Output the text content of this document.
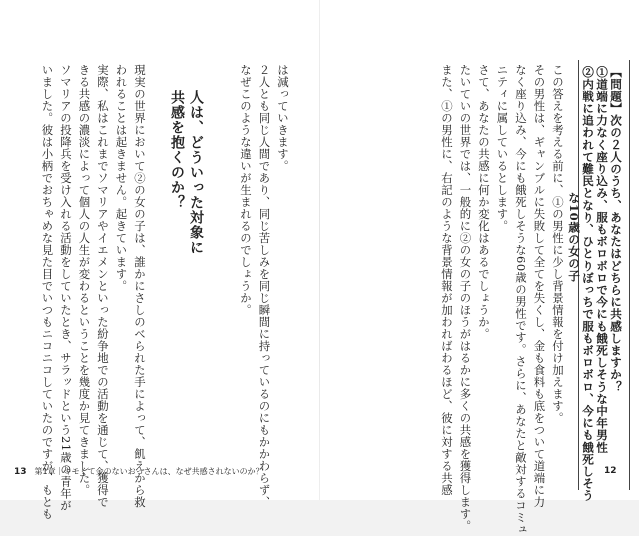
【問題】次の２人のうち、あなたはどちらに共感しますか？

①道端に力なく座り込み、服もボロボロで今にも餓死しそうな中年男性

②内戦に追われて難民となり、ひとりぼっちで服もボロボロ、今にも餓死しそう

な10歳の女の子

この答えを考える前に、①の男性に少し背景情報を付け加えます。

その男性は、ギャンブルに失敗して全てを失くし、金も食料も底をついて道端に力

なく座り込み、今にも餓死しそうな60歳の男性です。さらに、あなたと敵対するコミュ

ニティに属しているとします。

さて、あなたの共感に何か変化はあるでしょうか。

たいていの世界では、一般的に②の女の子のほうがはるかに多くの共感を獲得します。

また、①の男性に、右記のような背景情報が加わればわるほど、彼に対する共感

は減っていきます。

２人とも同じ人間であり、同じ苦しみを同じ瞬間に持っているのにもかかわらず、

なぜこのような違いが生まれるのでしょうか。

人は、どういった対象に

共感を抱くのか？

現実の世界において②の女の子は、誰かにさしのべられた手によって、飢えから救

われることは起きません。起きています。

実際、私はこれまでソマリアやイエメンといった紛争地での活動を通じて、獲得で

きる共感の濃淡によって個人の人生が変わるということを幾度か見てきました。

ソマリアの投降兵を受け入れる活動をしていたとき、サラッドという21歳の青年が

いました。彼は小柄でおちゃめな見た目でいつもニコニコしていたのですが、もとも

13 第1章｜キモくて金のないおっさんは、なぜ共感されないのか？	12
